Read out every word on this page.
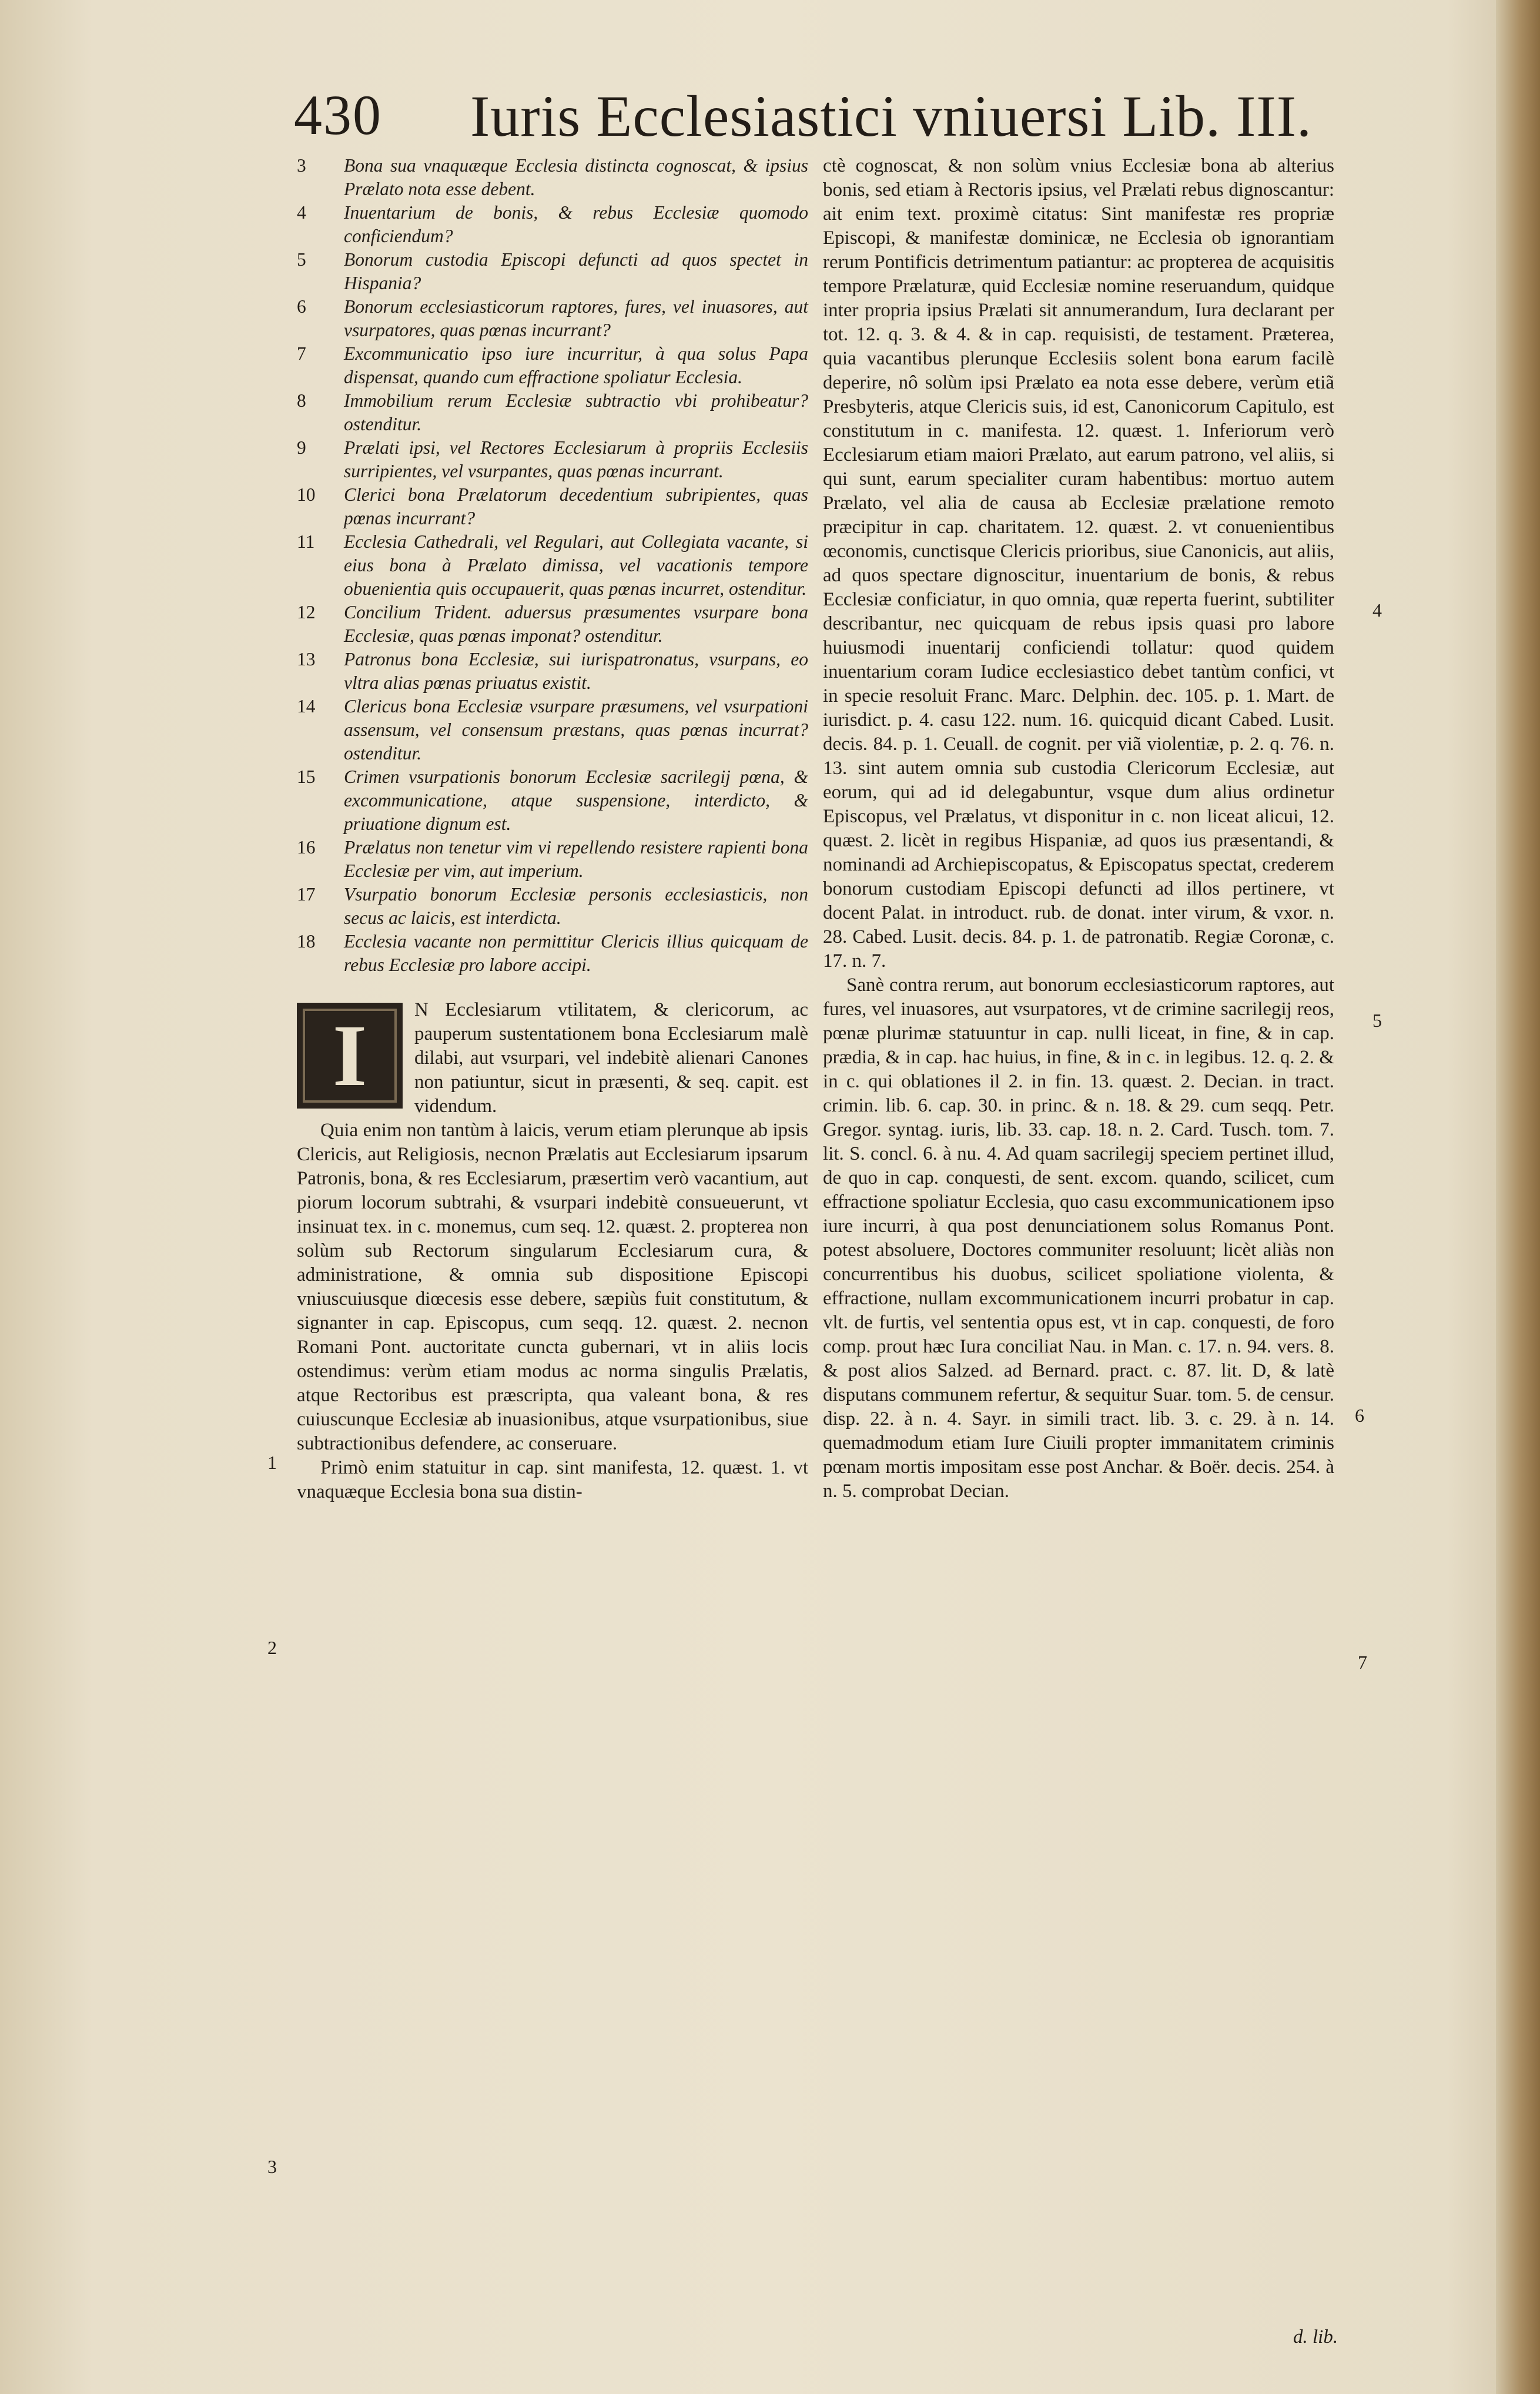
430 Iuris Ecclesiastici vniuersi Lib. III.
3	Bona sua vnaquæque Ecclesia distincta cognoscat, & ipsius Prælato nota esse debent.
4	Inuentarium de bonis, & rebus Ecclesiæ quomodo conficiendum?
5	Bonorum custodia Episcopi defuncti ad quos spectet in Hispania?
6	Bonorum ecclesiasticorum raptores, fures, vel inuasores, aut vsurpatores, quas pœnas incurrant?
7	Excommunicatio ipso iure incurritur, à qua solus Papa dispensat, quando cum effractione spoliatur Ecclesia.
8	Immobilium rerum Ecclesiæ subtractio vbi prohibeatur? ostenditur.
9	Prælati ipsi, vel Rectores Ecclesiarum à propriis Ecclesiis surripientes, vel vsurpantes, quas pœnas incurrant.
10	Clerici bona Prælatorum decedentium subripientes, quas pœnas incurrant?
11	Ecclesia Cathedrali, vel Regulari, aut Collegiata vacante, si eius bona à Prælato dimissa, vel vacationis tempore obuenientia quis occupauerit, quas pœnas incurret, ostenditur.
12	Concilium Trident. aduersus præsumentes vsurpare bona Ecclesiæ, quas pœnas imponat? ostenditur.
13	Patronus bona Ecclesiæ, sui iurispatronatus, vsurpans, eo vltra alias pœnas priuatus existit.
14	Clericus bona Ecclesiæ vsurpare præsumens, vel vsurpationi assensum, vel consensum præstans, quas pœnas incurrat? ostenditur.
15	Crimen vsurpationis bonorum Ecclesiæ sacrilegij pœna, & excommunicatione, atque suspensione, interdicto, & priuatione dignum est.
16	Prælatus non tenetur vim vi repellendo resistere rapienti bona Ecclesiæ per vim, aut imperium.
17	Vsurpatio bonorum Ecclesiæ personis ecclesiasticis, non secus ac laicis, est interdicta.
18	Ecclesia vacante non permittitur Clericis illius quicquam de rebus Ecclesiæ pro labore accipi.

I	N Ecclesiarum vtilitatem, & clericorum, ac pauperum sustentationem bona Ecclesiarum malè dilabi, aut vsurpari, vel indebitè alienari Canones non patiuntur, sicut in præsenti, & seq. capit. est videndum.

Quia enim non tantùm à laicis, verum etiam plerunque ab ipsis Clericis, aut Religiosis, necnon Prælatis aut Ecclesiarum ipsarum Patronis, bona, & res Ecclesiarum, præsertim verò vacantium, aut piorum locorum subtrahi, & vsurpari indebitè consueuerunt, vt insinuat tex. in c. monemus, cum seq. 12. quæst. 2. propterea non solùm sub Rectorum singularum Ecclesiarum cura, & administratione, & omnia sub dispositione Episcopi vniuscuiusque diœcesis esse debere, sæpiùs fuit constitutum, & signanter in cap. Episcopus, cum seqq. 12. quæst. 2. necnon Romani Pont. auctoritate cuncta gubernari, vt in aliis locis ostendimus: verùm etiam modus ac norma singulis Prælatis, atque Rectoribus est præscripta, qua valeant bona, & res cuiuscunque Ecclesiæ ab inuasionibus, atque vsurpationibus, siue subtractionibus defendere, ac conseruare.

Primò enim statuitur in cap. sint manifesta, 12. quæst. 1. vt vnaquæque Ecclesia bona sua distin-

ctè cognoscat, & non solùm vnius Ecclesiæ bona ab alterius bonis, sed etiam à Rectoris ipsius, vel Prælati rebus dignoscantur: ait enim text. proximè citatus: Sint manifestæ res propriæ Episcopi, & manifestæ dominicæ, ne Ecclesia ob ignorantiam rerum Pontificis detrimentum patiantur: ac propterea de acquisitis tempore Prælaturæ, quid Ecclesiæ nomine reseruandum, quidque inter propria ipsius Prælati sit annumerandum, Iura declarant per tot. 12. q. 3. & 4. & in cap. requisisti, de testament. Præterea, quia vacantibus plerunque Ecclesiis solent bona earum facilè deperire, nô solùm ipsi Prælato ea nota esse debere, verùm etiã Presbyteris, atque Clericis suis, id est, Canonicorum Capitulo, est constitutum in c. manifesta. 12. quæst. 1. Inferiorum verò Ecclesiarum etiam maiori Prælato, aut earum patrono, vel aliis, si qui sunt, earum specialiter curam habentibus: mortuo autem Prælato, vel alia de causa ab Ecclesiæ prælatione remoto præcipitur in cap. charitatem. 12. quæst. 2. vt conuenientibus œconomis, cunctisque Clericis prioribus, siue Canonicis, aut aliis, ad quos spectare dignoscitur, inuentarium de bonis, & rebus Ecclesiæ conficiatur, in quo omnia, quæ reperta fuerint, subtiliter describantur, nec quicquam de rebus ipsis quasi pro labore huiusmodi inuentarij conficiendi tollatur: quod quidem inuentarium coram Iudice ecclesiastico debet tantùm confici, vt in specie resoluit Franc. Marc. Delphin. dec. 105. p. 1. Mart. de iurisdict. p. 4. casu 122. num. 16. quicquid dicant Cabed. Lusit. decis. 84. p. 1. Ceuall. de cognit. per viã violentiæ, p. 2. q. 76. n. 13. sint autem omnia sub custodia Clericorum Ecclesiæ, aut eorum, qui ad id delegabuntur, vsque dum alius ordinetur Episcopus, vel Prælatus, vt disponitur in c. non liceat alicui, 12. quæst. 2. licèt in regibus Hispaniæ, ad quos ius præsentandi, & nominandi ad Archiepiscopatus, & Episcopatus spectat, crederem bonorum custodiam Episcopi defuncti ad illos pertinere, vt docent Palat. in introduct. rub. de donat. inter virum, & vxor. n. 28. Cabed. Lusit. decis. 84. p. 1. de patronatib. Regiæ Coronæ, c. 17. n. 7.

Sanè contra rerum, aut bonorum ecclesiasticorum raptores, aut fures, vel inuasores, aut vsurpatores, vt de crimine sacrilegij reos, pœnæ plurimæ statuuntur in cap. nulli liceat, in fine, & in cap. prædia, & in cap. hac huius, in fine, & in c. in legibus. 12. q. 2. & in c. qui oblationes il 2. in fin. 13. quæst. 2. Decian. in tract. crimin. lib. 6. cap. 30. in princ. & n. 18. & 29. cum seqq. Petr. Gregor. syntag. iuris, lib. 33. cap. 18. n. 2. Card. Tusch. tom. 7. lit. S. concl. 6. à nu. 4. Ad quam sacrilegij speciem pertinet illud, de quo in cap. conquesti, de sent. excom. quando, scilicet, cum effractione spoliatur Ecclesia, quo casu excommunicationem ipso iure incurri, à qua post denunciationem solus Romanus Pont. potest absoluere, Doctores communiter resoluunt; licèt aliàs non concurrentibus his duobus, scilicet spoliatione violenta, & effractione, nullam excommunicationem incurri probatur in cap. vlt. de furtis, vel sententia opus est, vt in cap. conquesti, de foro comp. prout hæc Iura conciliat Nau. in Man. c. 17. n. 94. vers. 8. & post alios Salzed. ad Bernard. pract. c. 87. lit. D, & latè disputans communem refertur, & sequitur Suar. tom. 5. de censur. disp. 22. à n. 4. Sayr. in simili tract. lib. 3. c. 29. à n. 14. quemadmodum etiam Iure Ciuili propter immanitatem criminis pœnam mortis impositam esse post Anchar. & Boër. decis. 254. à n. 5. comprobat Decian.

1
2
3
4
5
6
7
d. lib.
